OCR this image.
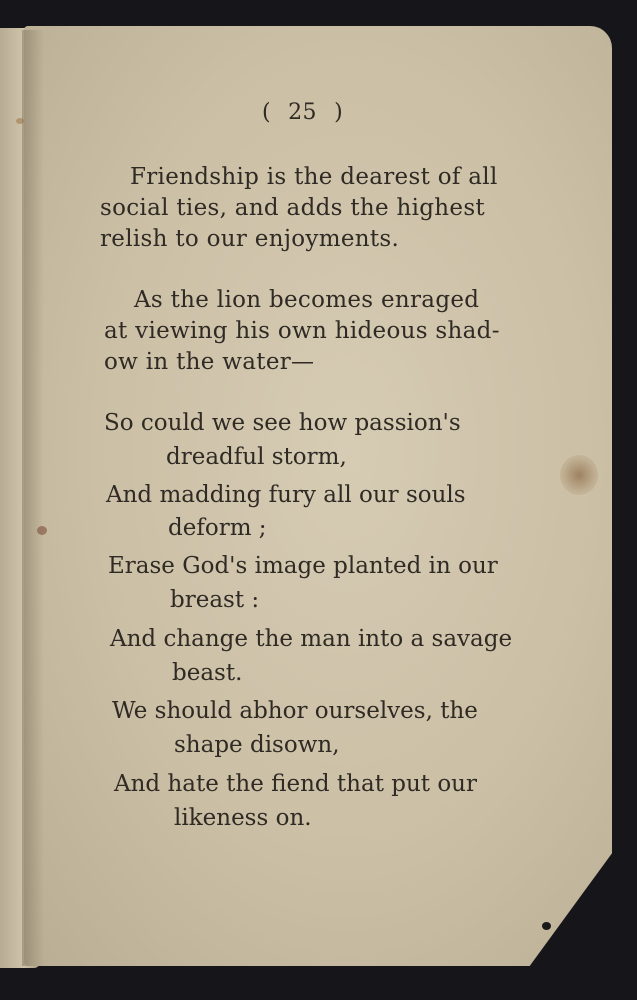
( 25 )
Friendship is the dearest of all
social ties, and adds the highest
relish to our enjoyments.
As the lion becomes enraged
at viewing his own hideous shad-
ow in the water—
So could we see how passion's
dreadful storm,
And madding fury all our souls
deform ;
Erase God's image planted in our
breast :
And change the man into a savage
beast.
We should abhor ourselves, the
shape disown,
And hate the fiend that put our
likeness on.
